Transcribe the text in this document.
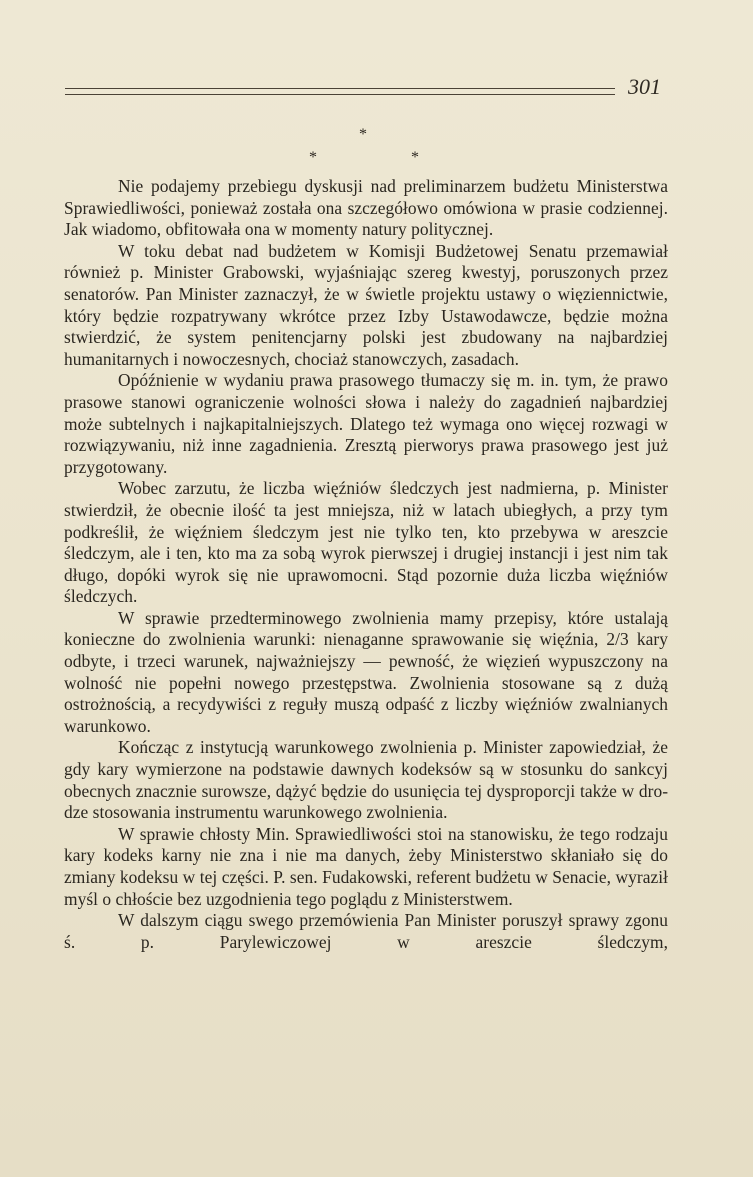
301
*
*	*

Nie podajemy przebiegu dyskusji nad preliminarzem budżetu Ministerstwa Sprawiedliwości, ponieważ została ona szczegółowo omówiona w prasie codziennej. Jak wiadomo, obfitowała ona w momenty natury politycznej.

W toku debat nad budżetem w Komisji Budżetowej Senatu przemawiał również p. Minister Grabowski, wyjaśniając szereg kwestyj, poruszonych przez senatorów. Pan Minister zaznaczył, że w świetle projektu ustawy o więziennictwie, który będzie rozpatrywany wkrótce przez Izby Ustawodawcze, będzie można stwierdzić, że system penitencjarny polski jest zbudowany na najbardziej humanitarnych i nowoczesnych, chociaż stanowczych, zasadach.

Opóźnienie w wydaniu prawa prasowego tłumaczy się m. in. tym, że prawo prasowe stanowi ograniczenie wolności słowa i należy do zagadnień najbardziej może subtelnych i najkapitalniejszych. Dlatego też wymaga ono więcej rozwagi w rozwiązywaniu, niż inne zagadnienia. Zresztą pierworys prawa prasowego jest już przygotowany.

Wobec zarzutu, że liczba więźniów śledczych jest nadmierna, p. Minister stwierdził, że obecnie ilość ta jest mniejsza, niż w latach ubiegłych, a przy tym podkreślił, że więźniem śledczym jest nie tylko ten, kto przebywa w areszcie śledczym, ale i ten, kto ma za sobą wyrok pierwszej i drugiej instancji i jest nim tak długo, dopóki wyrok się nie uprawomocni. Stąd pozornie duża liczba więźniów śledczych.

W sprawie przedterminowego zwolnienia mamy przepisy, które ustalają konieczne do zwolnienia warunki: nienaganne sprawowanie się więźnia, 2/3 kary odbyte, i trzeci warunek, najważniejszy — pewność, że więzień wypuszczony na wolność nie popełni nowego przestępstwa. Zwolnienia stosowane są z dużą ostrożnością, a recydywiści z reguły muszą odpaść z liczby więźniów zwalnianych warunkowo.

Kończąc z instytucją warunkowego zwolnienia p. Minister zapowiedział, że gdy kary wymierzone na podstawie dawnych kodeksów są w stosunku do sankcyj obecnych znacznie surowsze, dążyć będzie do usunięcia tej dysproporcji także w drodze stosowania instrumentu warunkowego zwolnienia.

W sprawie chłosty Min. Sprawiedliwości stoi na stanowisku, że tego rodzaju kary kodeks karny nie zna i nie ma danych, żeby Ministerstwo skłaniało się do zmiany kodeksu w tej części. P. sen. Fudakowski, referent budżetu w Senacie, wyraził myśl o chłoście bez uzgodnienia tego poglądu z Ministerstwem.

W dalszym ciągu swego przemówienia Pan Minister poruszył sprawy zgonu ś. p. Parylewiczowej w areszcie śledczym,
